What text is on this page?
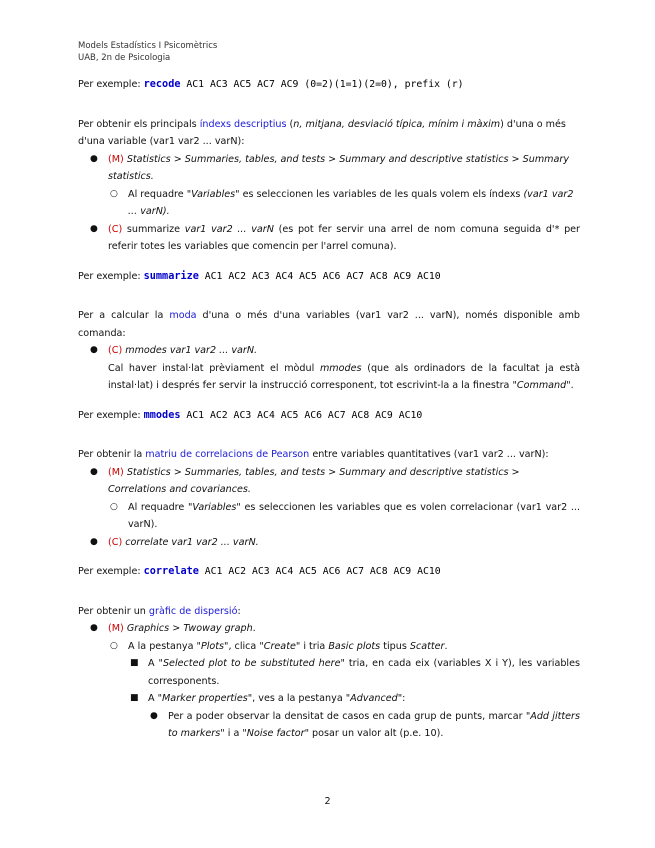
Models Estadístics I Psicomètrics
UAB, 2n de Psicologia

Per exemple: recode AC1 AC3 AC5 AC7 AC9 (0=2)(1=1)(2=0), prefix (r)

Per obtenir els principals índexs descriptius (n, mitjana, desviació típica, mínim i màxim) d'una o més d'una variable (var1 var2 ... varN):

● (M) Statistics > Summaries, tables, and tests > Summary and descriptive statistics > Summary statistics.
○ Al requadre "Variables" es seleccionen les variables de les quals volem els índexs (var1 var2 ... varN).
● (C) summarize var1 var2 ... varN (es pot fer servir una arrel de nom comuna seguida d'* per referir totes les variables que comencin per l'arrel comuna).

Per exemple: summarize AC1 AC2 AC3 AC4 AC5 AC6 AC7 AC8 AC9 AC10

Per a calcular la moda d'una o més d'una variables (var1 var2 ... varN), només disponible amb comanda:

● (C) mmodes var1 var2 ... varN.
Cal haver instal·lat prèviament el mòdul mmodes (que als ordinadors de la facultat ja està instal·lat) i després fer servir la instrucció corresponent, tot escrivint-la a la finestra "Command".

Per exemple: mmodes AC1 AC2 AC3 AC4 AC5 AC6 AC7 AC8 AC9 AC10

Per obtenir la matriu de correlacions de Pearson entre variables quantitatives (var1 var2 ... varN):

● (M) Statistics > Summaries, tables, and tests > Summary and descriptive statistics > Correlations and covariances.
○ Al requadre "Variables" es seleccionen les variables que es volen correlacionar (var1 var2 ... varN).
● (C) correlate var1 var2 ... varN.

Per exemple: correlate AC1 AC2 AC3 AC4 AC5 AC6 AC7 AC8 AC9 AC10

Per obtenir un gràfic de dispersió:

● (M) Graphics > Twoway graph.
○ A la pestanya "Plots", clica "Create" i tria Basic plots tipus Scatter.
■ A "Selected plot to be substituted here" tria, en cada eix (variables X i Y), les variables corresponents.
■ A "Marker properties", ves a la pestanya "Advanced":
● Per a poder observar la densitat de casos en cada grup de punts, marcar "Add jitters to markers" i a "Noise factor" posar un valor alt (p.e. 10).
2
